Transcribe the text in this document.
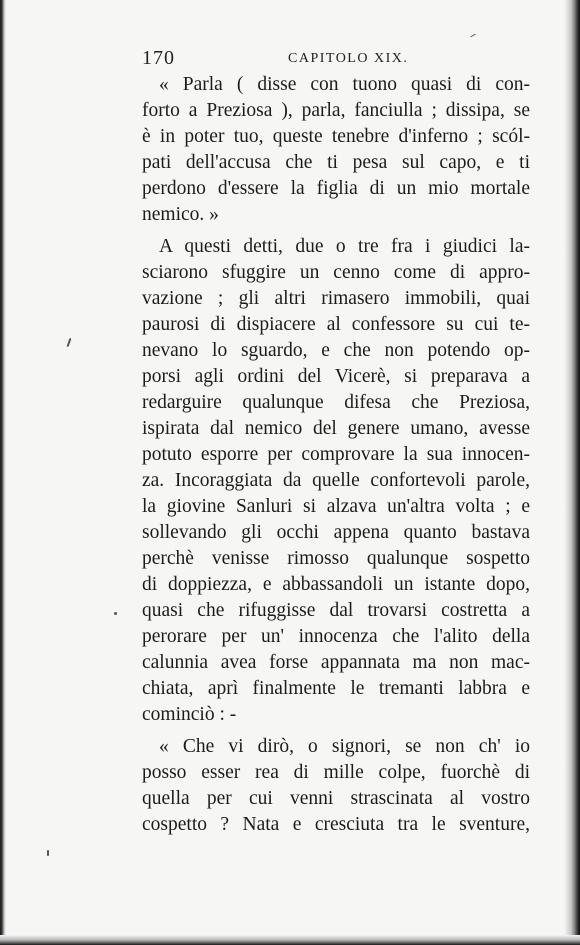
170	CAPITOLO XIX.
« Parla ( disse con tuono quasi di con-
forto a Preziosa ), parla, fanciulla ; dissipa, se
è in poter tuo, queste tenebre d'inferno ; scól-
pati dell'accusa che ti pesa sul capo, e ti
perdono d'essere la figlia di un mio mortale
nemico. »
A questi detti, due o tre fra i giudici la-
sciarono sfuggire un cenno come di appro-
vazione ; gli altri rimasero immobili, quai
paurosi di dispiacere al confessore su cui te-
nevano lo sguardo, e che non potendo op-
porsi agli ordini del Vicerè, si preparava a
redarguire qualunque difesa che Preziosa,
ispirata dal nemico del genere umano, avesse
potuto esporre per comprovare la sua innocen-
za. Incoraggiata da quelle confortevoli parole,
la giovine Sanluri si alzava un'altra volta ; e
sollevando gli occhi appena quanto bastava
perchè venisse rimosso qualunque sospetto
di doppiezza, e abbassandoli un istante dopo,
quasi che rifuggisse dal trovarsi costretta a
perorare per un' innocenza che l'alito della
calunnia avea forse appannata ma non mac-
chiata, aprì finalmente le tremanti labbra e
cominciò : -
« Che vi dirò, o signori, se non ch' io
posso esser rea di mille colpe, fuorchè di
quella per cui venni strascinata al vostro
cospetto ? Nata e cresciuta tra le sventure,
